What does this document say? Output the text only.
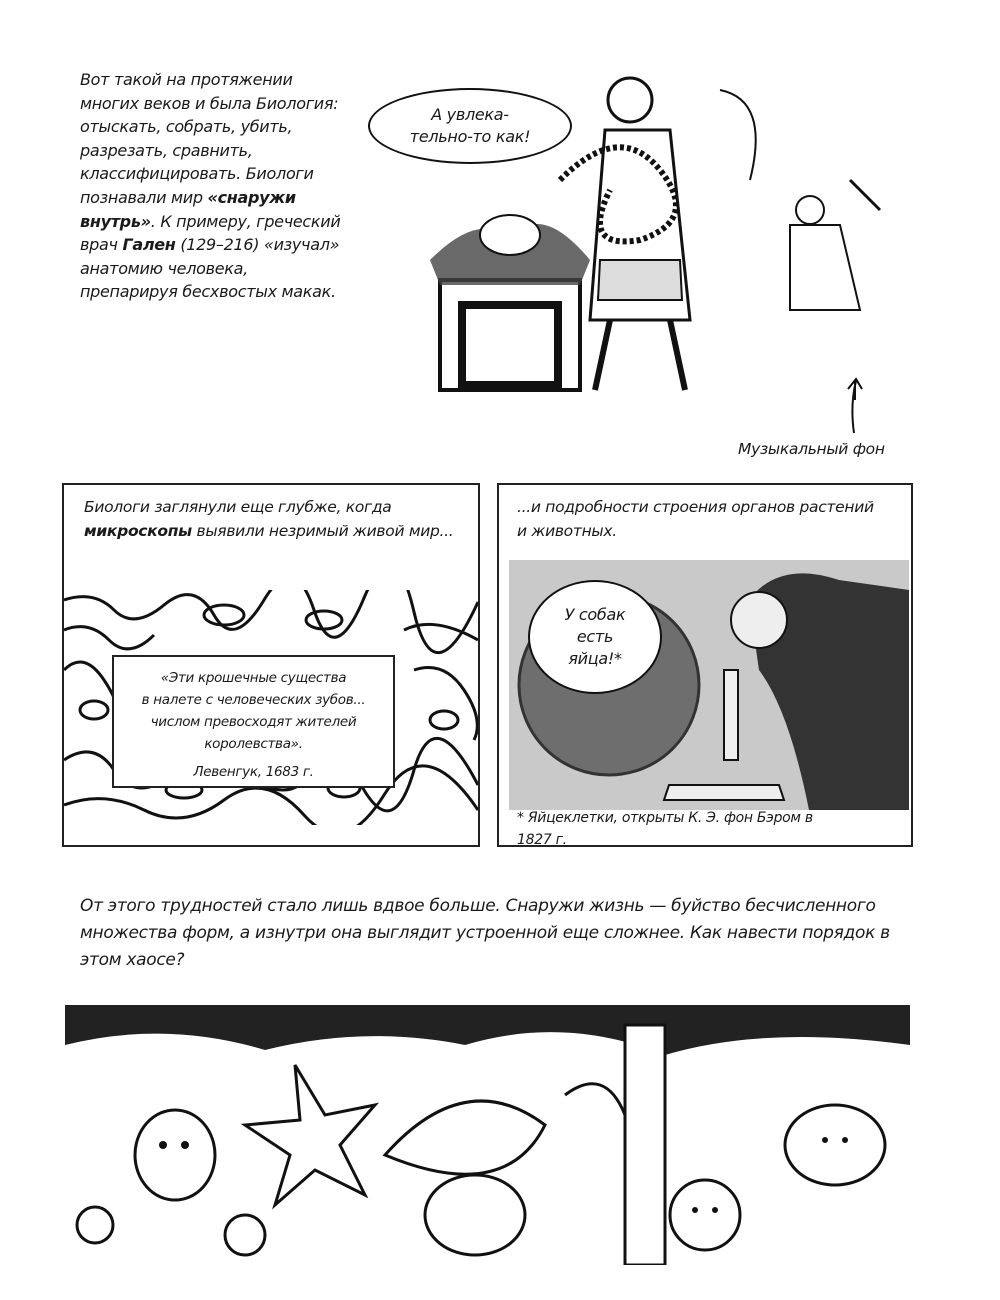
Вот такой на протяжении многих веков и была Биология: отыскать, собрать, убить, разрезать, сравнить, классифицировать. Биологи познавали мир «снаружи внутрь». К примеру, греческий врач Гален (129–216) «изучал» анатомию человека, препарируя бесхвостых макак.
А увлека-
тельно-то как!
Музыкальный фон
Биологи заглянули еще глубже, когда микроскопы выявили незримый живой мир...
«Эти крошечные существа
в налете с человеческих зубов...
числом превосходят жителей
королевства».
Левенгук, 1683 г.
...и подробности строения органов растений и животных.
* Яйцеклетки, открыты К. Э. фон Бэром в 1827 г.
У собак
есть
яйца!*
От этого трудностей стало лишь вдвое больше. Снаружи жизнь — буйство бесчисленного множества форм, а изнутри она выглядит устроенной еще сложнее. Как навести порядок в этом хаосе?
